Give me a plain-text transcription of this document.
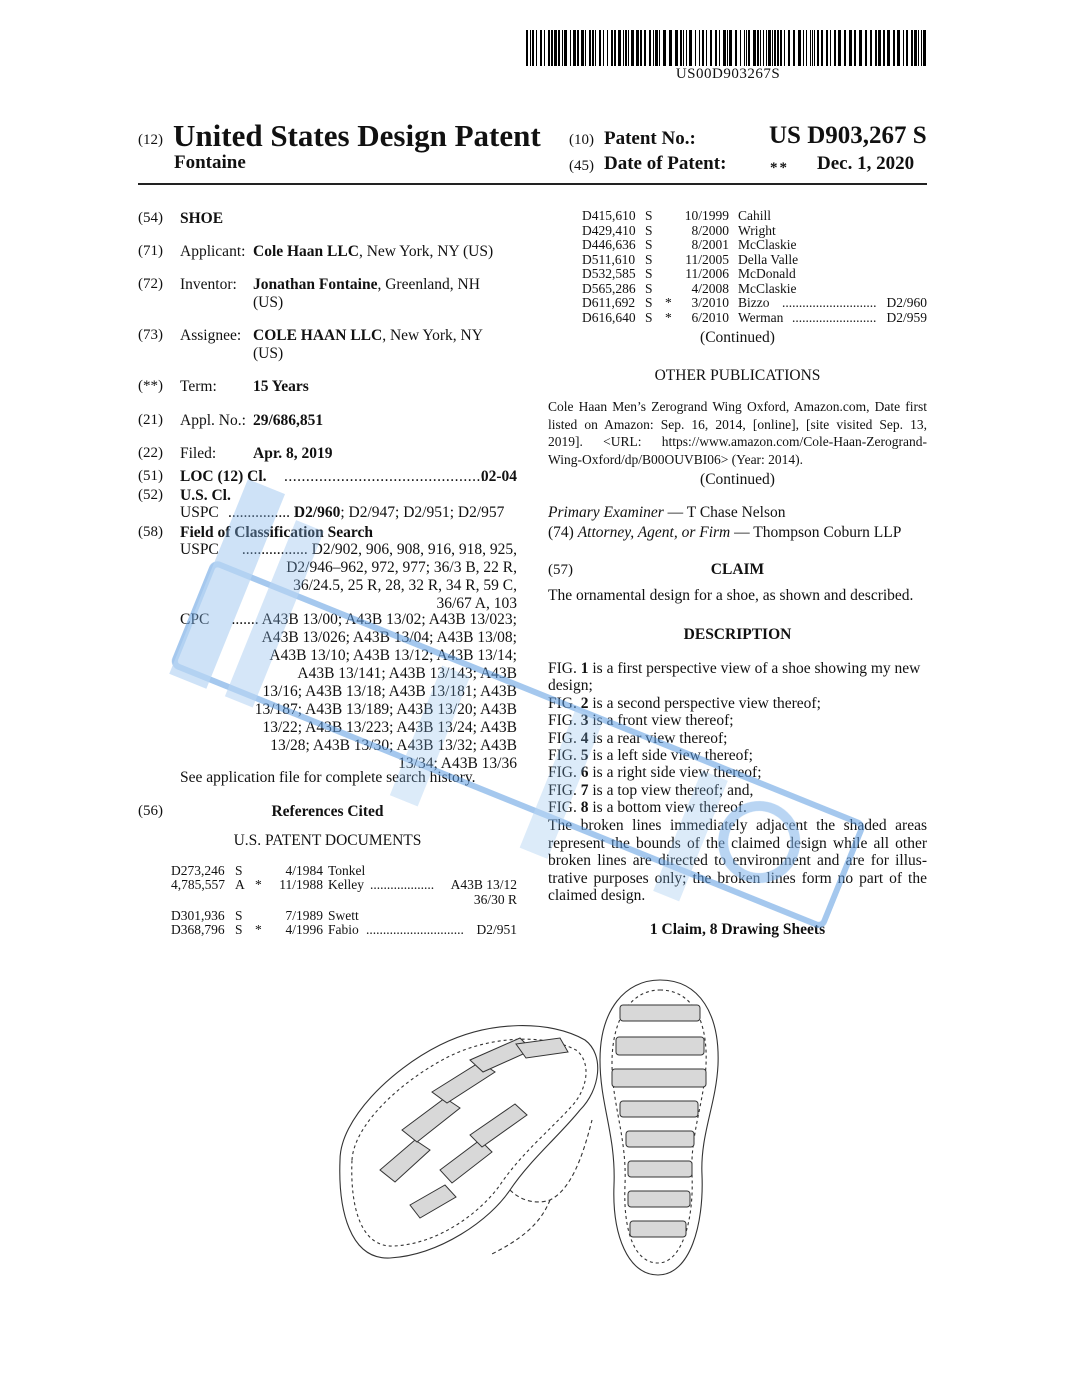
US00D903267S
(12) United States Design Patent
Fontaine
(10) Patent No.:	US D903,267 S
(45) Date of Patent:	** Dec. 1, 2020
(54) SHOE
(71) Applicant: Cole Haan LLC, New York, NY (US)
(72) Inventor: Jonathan Fontaine, Greenland, NH
(US)
(73) Assignee: COLE HAAN LLC, New York, NY
(US)
(**) Term: 15 Years
(21) Appl. No.: 29/686,851
(22) Filed: Apr. 8, 2019
(51) LOC (12) Cl. ..............................................
02-04
(52) U.S. Cl.
USPC ................ D2/960; D2/947; D2/951; D2/957
(58) Field of Classification Search
USPC	................. D2/902, 906, 908, 916, 918, 925,
D2/946–962, 972, 977; 36/3 B, 22 R,
36/24.5, 25 R, 28, 32 R, 34 R, 59 C,
36/67 A, 103
CPC	....... A43B 13/00; A43B 13/02; A43B 13/023;
A43B 13/026; A43B 13/04; A43B 13/08;
A43B 13/10; A43B 13/12; A43B 13/14;
A43B 13/141; A43B 13/143; A43B
13/16; A43B 13/18; A43B 13/181; A43B
13/187; A43B 13/189; A43B 13/20; A43B
13/22; A43B 13/223; A43B 13/24; A43B
13/28; A43B 13/30; A43B 13/32; A43B
13/34; A43B 13/36
See application file for complete search history.
(56)	References Cited
U.S. PATENT DOCUMENTS
D273,246 S	4/1984 Tonkel
4,785,557 A *	11/1988 Kelley ................... A43B 13/12
36/30 R
D301,936 S	7/1989 Swett
D368,796 S *	4/1996 Fabio ............................. D2/951
D415,610 S	10/1999 Cahill
D429,410 S	8/2000 Wright
D446,636 S	8/2001 McClaskie
D511,610 S	11/2005 Della Valle
D532,585 S	11/2006 McDonald
D565,286 S	4/2008 McClaskie
D611,692 S *	3/2010 Bizzo ............................ D2/960
D616,640 S *	6/2010 Werman ......................... D2/959
(Continued)
OTHER PUBLICATIONS
Cole Haan Men’s Zerogrand Wing Oxford, Amazon.com, Date first
listed on Amazon: Sep. 16, 2014, [online], [site visited Sep. 13,
2019]. <URL: https://www.amazon.com/Cole-Haan-Zerogrand-
Wing-Oxford/dp/B00OUVBI06> (Year: 2014).
(Continued)
Primary Examiner — T Chase Nelson
(74) Attorney, Agent, or Firm — Thompson Coburn LLP
(57)	CLAIM
The ornamental design for a shoe, as shown and described.
DESCRIPTION
FIG. 1 is a first perspective view of a shoe showing my new
design;
FIG. 2 is a second perspective view thereof;
FIG. 3 is a front view thereof;
FIG. 4 is a rear view thereof;
FIG. 5 is a left side view thereof;
FIG. 6 is a right side view thereof;
FIG. 7 is a top view thereof; and,
FIG. 8 is a bottom view thereof.
The broken lines immediately adjacent the shaded areas
represent the bounds of the claimed design while all other
broken lines are directed to environment and are for illus-
trative purposes only; the broken lines form no part of the
claimed design.
1 Claim, 8 Drawing Sheets
